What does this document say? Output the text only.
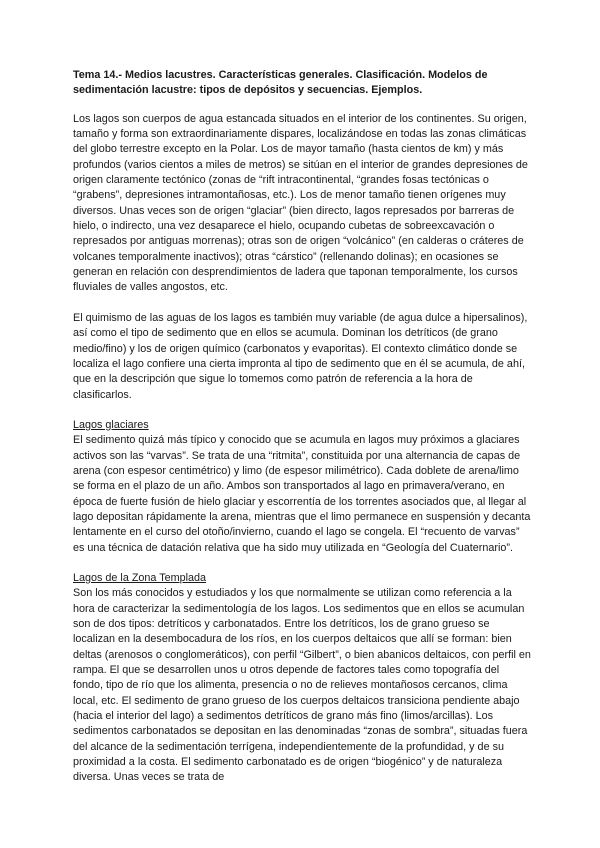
Tema 14.- Medios lacustres. Características generales. Clasificación. Modelos de sedimentación lacustre: tipos de depósitos y secuencias. Ejemplos.

Los lagos son cuerpos de agua estancada situados en el interior de los continentes. Su origen, tamaño y forma son extraordinariamente dispares, localizándose en todas las zonas climáticas del globo terrestre excepto en la Polar. Los de mayor tamaño (hasta cientos de km) y más profundos (varios cientos a miles de metros) se sitúan en el interior de grandes depresiones de origen claramente tectónico (zonas de “rift intracontinental, “grandes fosas tectónicas o “grabens”, depresiones intramontañosas, etc.). Los de menor tamaño tienen orígenes muy diversos. Unas veces son de origen “glaciar” (bien directo, lagos represados por barreras de hielo, o indirecto, una vez desaparece el hielo, ocupando cubetas de sobreexcavación o represados por antiguas morrenas); otras son de origen “volcánico” (en calderas o cráteres de volcanes temporalmente inactivos); otras “cárstico” (rellenando dolinas); en ocasiones se generan en relación con desprendimientos de ladera que taponan temporalmente, los cursos fluviales de valles angostos, etc.

El quimismo de las aguas de los lagos es también muy variable (de agua dulce a hipersalinos), así como el tipo de sedimento que en ellos se acumula. Dominan los detríticos (de grano medio/fino) y los de origen químico (carbonatos y evaporitas). El contexto climático donde se localiza el lago confiere una cierta impronta al tipo de sedimento que en él se acumula, de ahí, que en la descripción que sigue lo tomemos como patrón de referencia a la hora de clasificarlos.

Lagos glaciares

El sedimento quizá más típico y conocido que se acumula en lagos muy próximos a glaciares activos son las “varvas”. Se trata de una “ritmita”, constituida por una alternancia de capas de arena (con espesor centimétrico) y limo (de espesor milimétrico). Cada doblete de arena/limo se forma en el plazo de un año. Ambos son transportados al lago en primavera/verano, en época de fuerte fusión de hielo glaciar y escorrentía de los torrentes asociados que, al llegar al lago depositan rápidamente la arena, mientras que el limo permanece en suspensión y decanta lentamente en el curso del otoño/invierno, cuando el lago se congela. El “recuento de varvas” es una técnica de datación relativa que ha sido muy utilizada en “Geología del Cuaternario”.

Lagos de la Zona Templada

Son los más conocidos y estudiados y los que normalmente se utilizan como referencia a la hora de caracterizar la sedimentología de los lagos. Los sedimentos que en ellos se acumulan son de dos tipos: detríticos y carbonatados. Entre los detríticos, los de grano grueso se localizan en la desembocadura de los ríos, en los cuerpos deltaicos que allí se forman: bien deltas (arenosos o conglomeráticos), con perfil “Gilbert”, o bien abanicos deltaicos, con perfil en rampa. El que se desarrollen unos u otros depende de factores tales como topografía del fondo, tipo de río que los alimenta, presencia o no de relieves montañosos cercanos, clima local, etc. El sedimento de grano grueso de los cuerpos deltaicos transiciona pendiente abajo (hacia el interior del lago) a sedimentos detríticos de grano más fino (limos/arcillas). Los sedimentos carbonatados se depositan en las denominadas “zonas de sombra”, situadas fuera del alcance de la sedimentación terrígena, independientemente de la profundidad, y de su proximidad a la costa. El sedimento carbonatado es de origen “biogénico” y de naturaleza diversa. Unas veces se trata de
